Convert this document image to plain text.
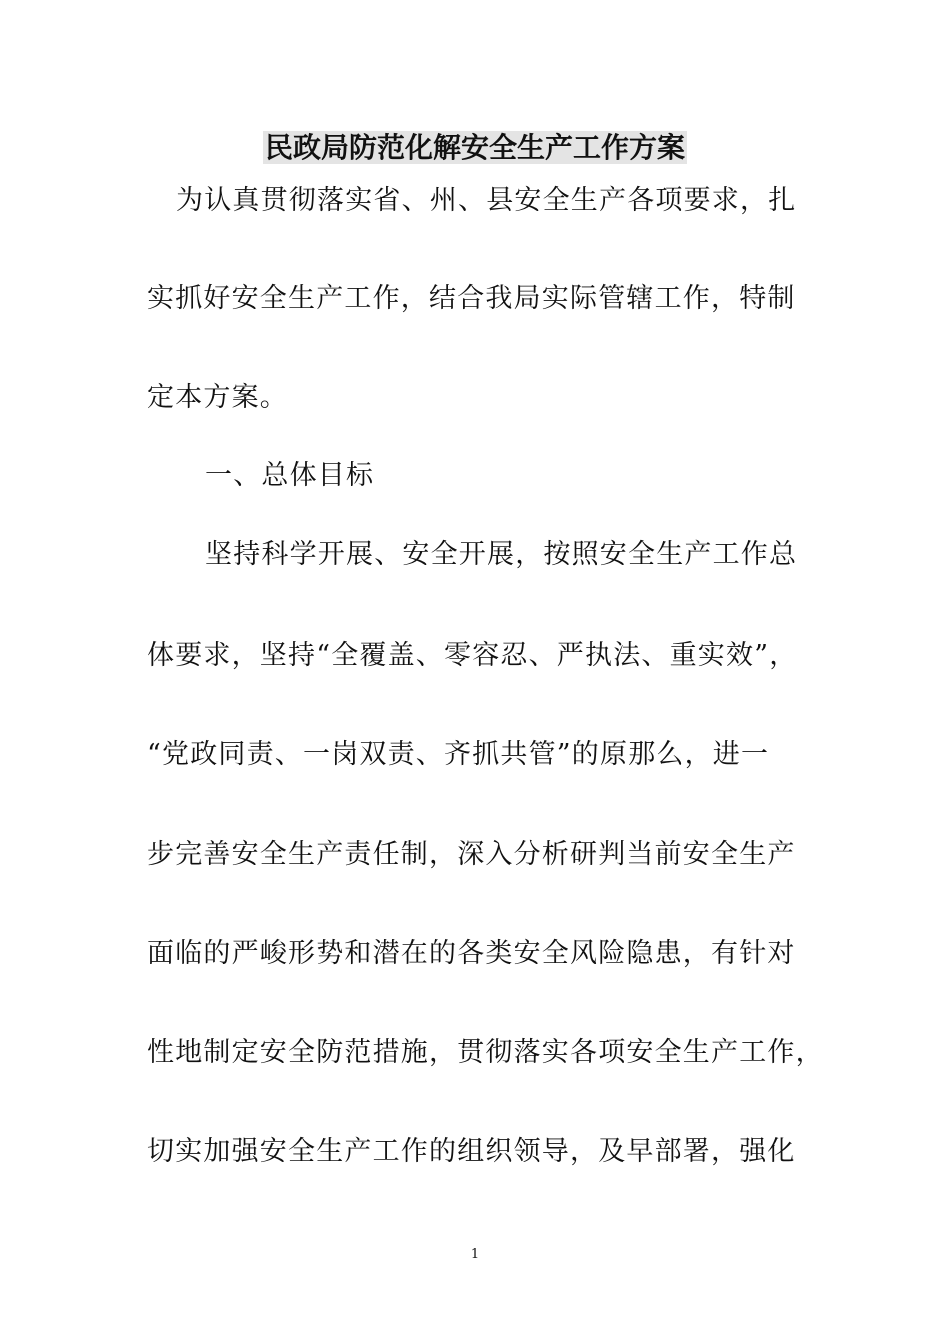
民政局防范化解安全生产工作方案

为认真贯彻落实省、州、县安全生产各项要求，扎

实抓好安全生产工作，结合我局实际管辖工作，特制

定本方案。

一、总体目标

坚持科学开展、安全开展，按照安全生产工作总

体要求，坚持“全覆盖、零容忍、严执法、重实效”，

“党政同责、一岗双责、齐抓共管”的原那么，进一

步完善安全生产责任制，深入分析研判当前安全生产

面临的严峻形势和潜在的各类安全风险隐患，有针对

性地制定安全防范措施，贯彻落实各项安全生产工作，

切实加强安全生产工作的组织领导，及早部署，强化

1
